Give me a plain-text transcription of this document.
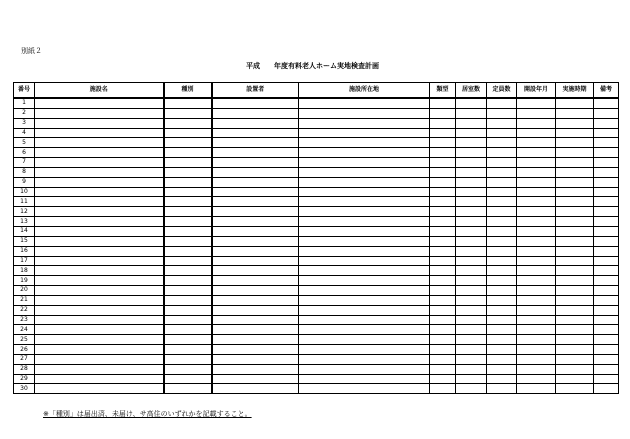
別紙２
平成　　年度有料老人ホーム実地検査計画
番号	施設名	種別	設置者	施設所在地	類型	居室数	定員数	開設年月	実施時期	備考
1										
2										
3										
4										
5										
6										
7										
8										
9										
10										
11										
12										
13										
14										
15										
16										
17										
18										
19										
20										
21										
22										
23										
24										
25										
26										
27										
28										
29										
30										
※「種別」は届出済、未届け、サ高住のいずれかを記載すること。
